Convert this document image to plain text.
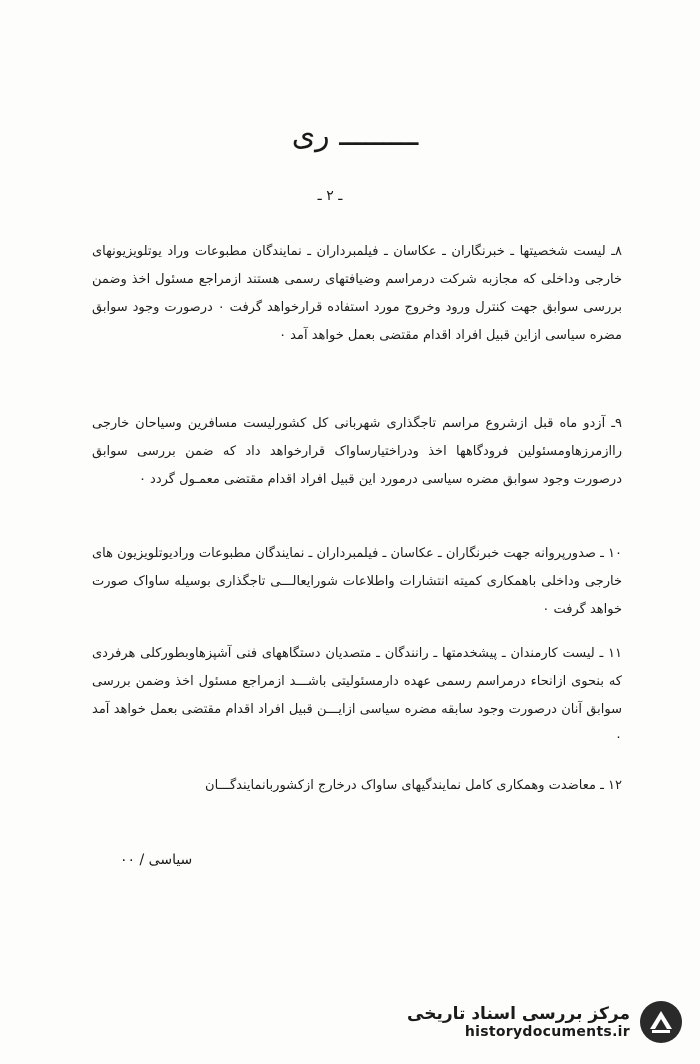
ـــــــــ ری
ـ ۲ ـ
۸ـ لیست شخصیتها ـ خبرنگاران ـ عکاسان ـ فیلمبرداران ـ نمایندگان مطبوعات وراد یوتلویزیونهای خارجی وداخلی که مجازبه شرکت درمراسم وضیافتهای رسمی هستند ازمراجع مسئول اخذ وضمن بررسی سوابق جهت کنترل ورود وخروج مورد استفاده قرارخواهد گرفت ۰ درصورت وجود سوابق مضره سیاسی ازاین قبیل افراد اقدام مقتضی بعمل خواهد آمد ۰
۹ـ آزدو ماه قبل ازشروع مراسم تاجگذاری شهربانی کل کشورلیست مسافرین وسیاحان خارجی راازمرزهاومسئولین فرودگاهها اخذ ودراختیارساواک قرارخواهد داد که ضمن بررسی سوابق درصورت وجود سوابق مضره سیاسی درمورد این قبیل افراد اقدام مقتضی معمـول گردد ۰
۱۰ ـ صدورپروانه جهت خبرنگاران ـ عکاسان ـ فیلمبرداران ـ نمایندگان مطبوعات ورادیوتلویزیون های خارجی وداخلی باهمکاری کمیته انتشارات واطلاعات شورایعالـــی تاجگذاری بوسیله ساواک صورت خواهد گرفت ۰
۱۱ ـ لیست کارمندان ـ پیشخدمتها ـ رانندگان ـ متصدیان دستگاههای فنی آشپزهاوبطورکلی هرفردی که بنحوی ازانحاء درمراسم رسمی عهده دارمسئولیتی باشـــد ازمراجع مسئول اخذ وضمن بررسی سوابق آنان درصورت وجود سابقه مضره سیاسی ازایـــن قبیل افراد اقدام مقتضی بعمل خواهد آمد ۰
۱۲ ـ معاضدت وهمکاری کامل نمایندگیهای ساواک درخارج ازکشوربانمایندگـــان
سیاسی / ۰۰
مرکز بررسی اسناد تاریخی
historydocuments.ir
